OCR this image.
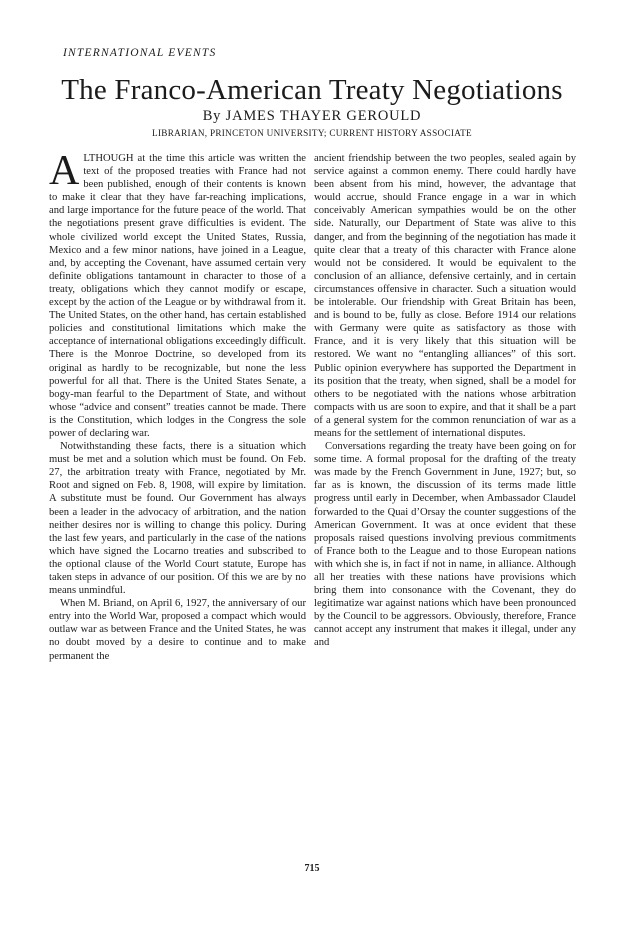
INTERNATIONAL EVENTS
The Franco-American Treaty Negotiations
By JAMES THAYER GEROULD
LIBRARIAN, PRINCETON UNIVERSITY; CURRENT HISTORY ASSOCIATE

ALTHOUGH at the time this article was written the text of the proposed treaties with France had not been published, enough of their contents is known to make it clear that they have far-reaching implications, and large importance for the future peace of the world. That the negotiations present grave difficulties is evident. The whole civilized world except the United States, Russia, Mexico and a few minor nations, have joined in a League, and, by accepting the Covenant, have assumed certain very definite obligations tantamount in character to those of a treaty, obligations which they cannot modify or escape, except by the action of the League or by withdrawal from it. The United States, on the other hand, has certain established policies and constitutional limitations which make the acceptance of international obligations exceedingly difficult. There is the Monroe Doctrine, so developed from its original as hardly to be recognizable, but none the less powerful for all that. There is the United States Senate, a bogy-man fearful to the Department of State, and without whose “advice and consent” treaties cannot be made. There is the Constitution, which lodges in the Congress the sole power of declaring war.

Notwithstanding these facts, there is a situation which must be met and a solution which must be found. On Feb. 27, the arbitration treaty with France, negotiated by Mr. Root and signed on Feb. 8, 1908, will expire by limitation. A substitute must be found. Our Government has always been a leader in the advocacy of arbitration, and the nation neither desires nor is willing to change this policy. During the last few years, and particularly in the case of the nations which have signed the Locarno treaties and subscribed to the optional clause of the World Court statute, Europe has taken steps in advance of our position. Of this we are by no means unmindful.

When M. Briand, on April 6, 1927, the anniversary of our entry into the World War, proposed a compact which would outlaw war as between France and the United States, he was no doubt moved by a desire to continue and to make permanent the

ancient friendship between the two peoples, sealed again by service against a common enemy. There could hardly have been absent from his mind, however, the advantage that would accrue, should France engage in a war in which conceivably American sympathies would be on the other side. Naturally, our Department of State was alive to this danger, and from the beginning of the negotiation has made it quite clear that a treaty of this character with France alone would not be considered. It would be equivalent to the conclusion of an alliance, defensive certainly, and in certain circumstances offensive in character. Such a situation would be intolerable. Our friendship with Great Britain has been, and is bound to be, fully as close. Before 1914 our relations with Germany were quite as satisfactory as those with France, and it is very likely that this situation will be restored. We want no “entangling alliances” of this sort. Public opinion everywhere has supported the Department in its position that the treaty, when signed, shall be a model for others to be negotiated with the nations whose arbitration compacts with us are soon to expire, and that it shall be a part of a general system for the common renunciation of war as a means for the settlement of international disputes.

Conversations regarding the treaty have been going on for some time. A formal proposal for the drafting of the treaty was made by the French Government in June, 1927; but, so far as is known, the discussion of its terms made little progress until early in December, when Ambassador Claudel forwarded to the Quai d’Orsay the counter suggestions of the American Government. It was at once evident that these proposals raised questions involving previous commitments of France both to the League and to those European nations with which she is, in fact if not in name, in alliance. Although all her treaties with these nations have provisions which bring them into consonance with the Covenant, they do legitimatize war against nations which have been pronounced by the Council to be aggressors. Obviously, therefore, France cannot accept any instrument that makes it illegal, under any and

715
